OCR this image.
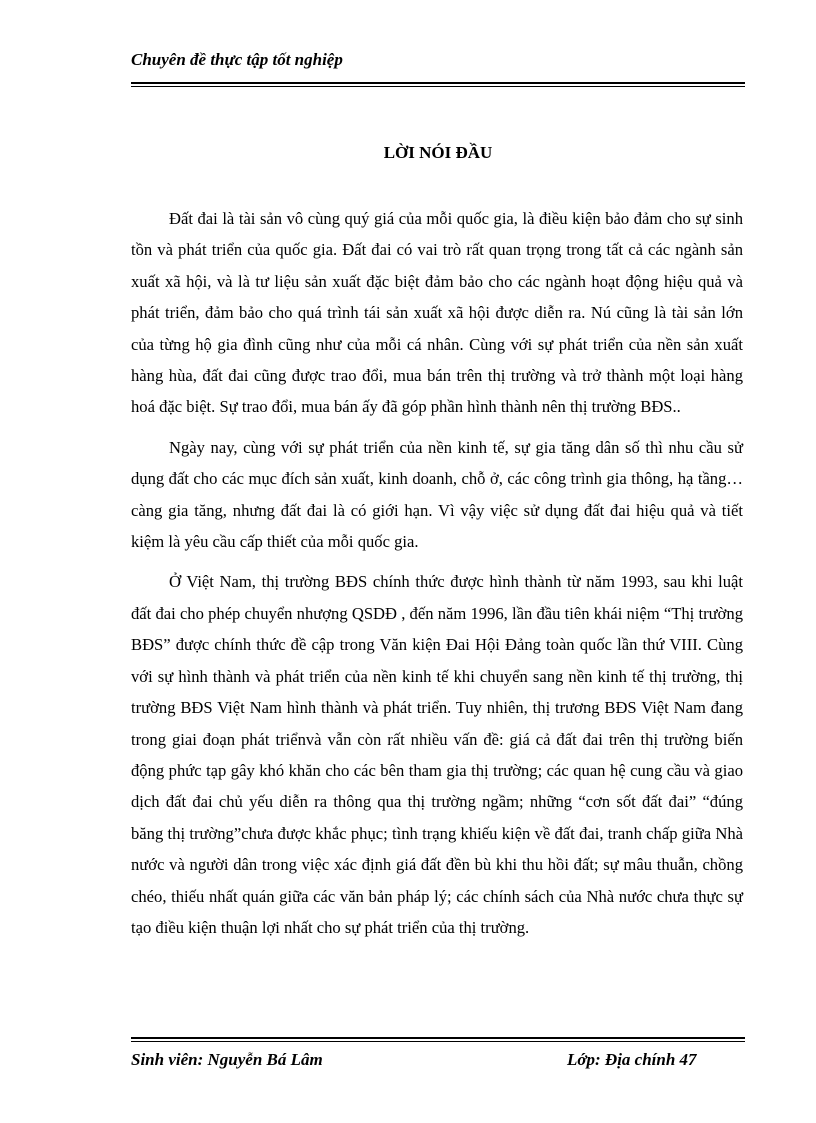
Chuyên đề thực tập tốt nghiệp
LỜI NÓI ĐẦU

Đất đai là tài sản vô cùng quý giá của mỗi quốc gia, là điều kiện bảo đảm cho sự sinh tồn và phát triển của quốc gia. Đất đai có vai trò rất quan trọng trong tất cả các ngành sản xuất xã hội, và là tư liệu sản xuất đặc biệt đảm bảo cho các ngành hoạt động hiệu quả và phát triển, đảm bảo cho quá trình tái sản xuất xã hội được diễn ra. Nú cũng là tài sản lớn của từng hộ gia đình cũng như của mỗi cá nhân. Cùng với sự phát triển của nền sản xuất hàng hùa, đất đai cũng được trao đổi, mua bán trên thị trường và trở thành một loại hàng hoá đặc biệt. Sự trao đổi, mua bán ấy đã góp phần hình thành nên thị trường BĐS..

Ngày nay, cùng với sự phát triển của nền kinh tế, sự gia tăng dân số thì nhu cầu sử dụng đất cho các mục đích sản xuất, kinh doanh, chỗ ở, các công trình gia thông, hạ tầng…càng gia tăng, nhưng đất đai là có giới hạn. Vì vậy việc sử dụng đất đai hiệu quả và tiết kiệm là yêu cầu cấp thiết của mỗi quốc gia.

Ở Việt Nam, thị trường BĐS chính thức được hình thành từ năm 1993, sau khi luật đất đai cho phép chuyển nhượng QSDĐ , đến năm 1996, lần đầu tiên khái niệm “Thị trường BĐS” được chính thức đề cập trong Văn kiện Đai Hội Đảng toàn quốc lần thứ VIII. Cùng với sự hình thành và phát triển của nền kinh tế khi chuyển sang nền kinh tế thị trường, thị trường BĐS Việt Nam hình thành và phát triển. Tuy nhiên, thị trương BĐS Việt Nam đang trong giai đoạn phát triểnvà vẫn còn rất nhiều vấn đề: giá cả đất đai trên thị trường biến động phức tạp gây khó khăn cho các bên tham gia thị trường; các quan hệ cung cầu và giao dịch đất đai chủ yếu diễn ra thông qua thị trường ngầm; những “cơn sốt đất đai” “đúng băng thị trường”chưa được khắc phục; tình trạng khiếu kiện về đất đai, tranh chấp giữa Nhà nước và người dân trong việc xác định giá đất đền bù khi thu hồi đất; sự mâu thuẫn, chồng chéo, thiếu nhất quán giữa các văn bản pháp lý; các chính sách của Nhà nước chưa thực sự tạo điều kiện thuận lợi nhất cho sự phát triển của thị trường.

Sinh viên: Nguyễn Bá Lâm	Lớp: Địa chính 47
